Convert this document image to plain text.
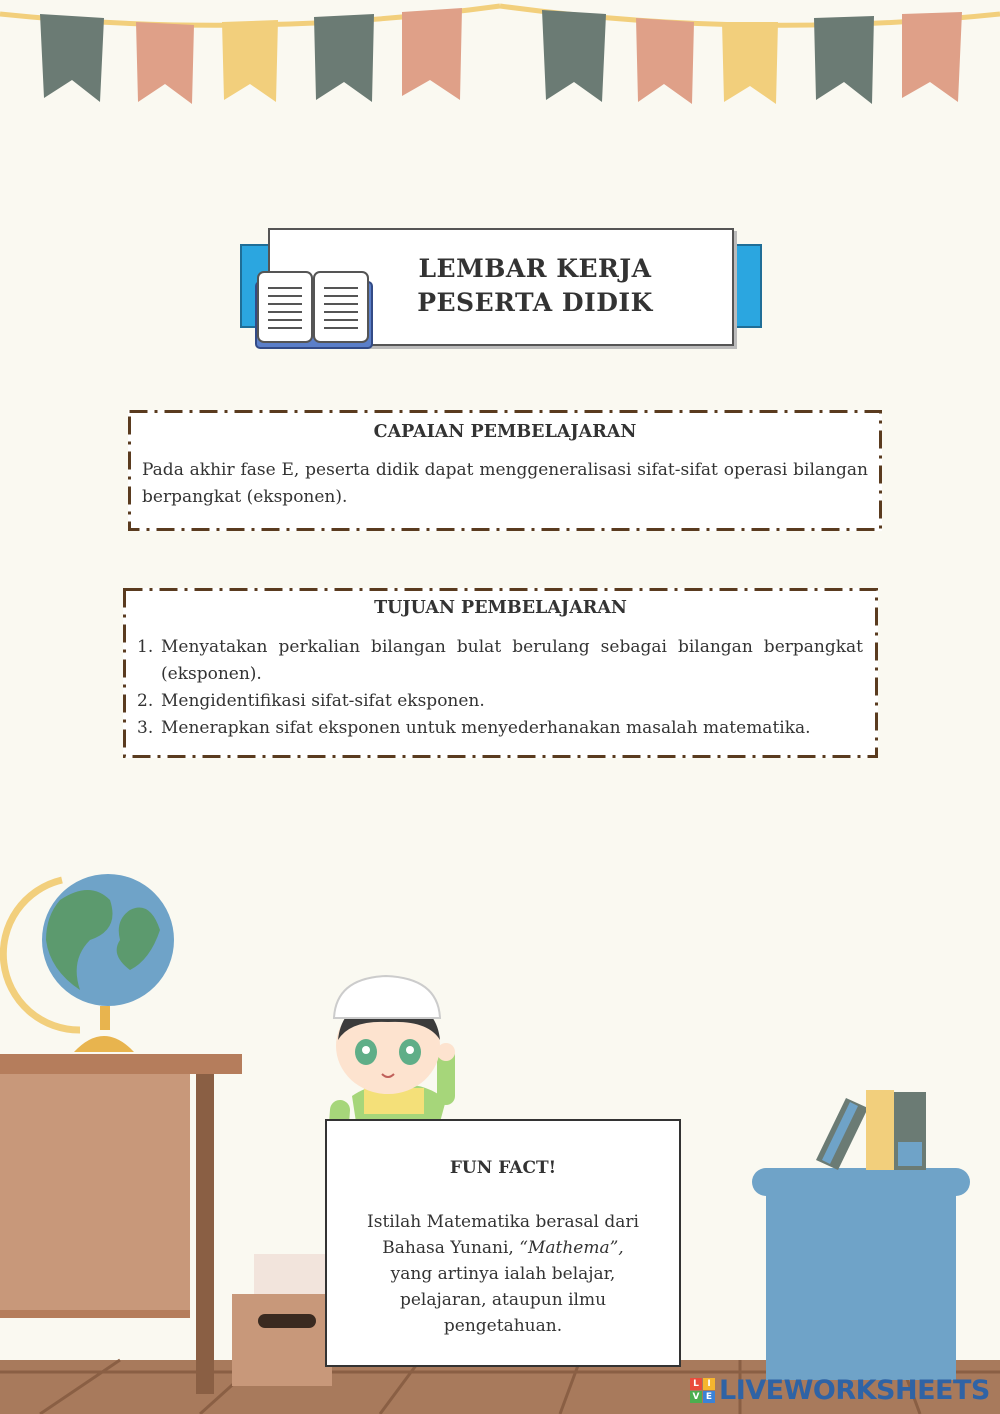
LEMBAR KERJA
PESERTA DIDIK
CAPAIAN PEMBELAJARAN
Pada akhir fase E, peserta didik dapat menggeneralisasi sifat-sifat operasi bilangan berpangkat (eksponen).
TUJUAN PEMBELAJARAN
1. Menyatakan perkalian bilangan bulat berulang sebagai bilangan berpangkat (eksponen).
2. Mengidentifikasi sifat-sifat eksponen.
3. Menerapkan sifat eksponen untuk menyederhanakan masalah matematika.
FUN FACT!
Istilah Matematika berasal dari
Bahasa Yunani, “Mathema”,
yang artinya ialah belajar,
pelajaran, ataupun ilmu
pengetahuan.
L I
V E LIVEWORKSHEETS
